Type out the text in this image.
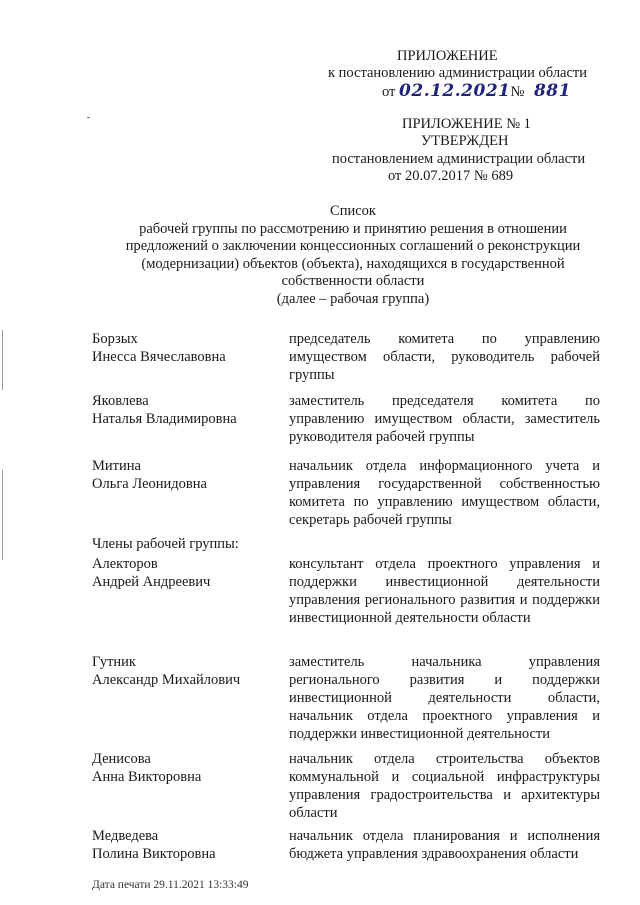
ПРИЛОЖЕНИЕ
к постановлению администрации области
от 02.12.2021№ 881
ПРИЛОЖЕНИЕ № 1
УТВЕРЖДЕН
постановлением администрации области
от 20.07.2017 № 689
Список
рабочей группы по рассмотрению и принятию решения в отношении
предложений о заключении концессионных соглашений о реконструкции
(модернизации) объектов (объекта), находящихся в государственной
собственности области
(далее – рабочая группа)
Борзых
Инесса Вячеславовна
председатель комитета по управлению имуществом области, руководитель рабочей группы
Яковлева
Наталья Владимировна
заместитель председателя комитета по управлению имуществом области, заместитель руководителя рабочей группы
Митина
Ольга Леонидовна
начальник отдела информационного учета и управления государственной собственностью комитета по управлению имуществом области, секретарь рабочей группы
Члены рабочей группы:
Алекторов
Андрей Андреевич
консультант отдела проектного управления и поддержки инвестиционной деятельности управления регионального развития и поддержки инвестиционной деятельности области
Гутник
Александр Михайлович
заместитель начальника управления регионального развития и поддержки инвестиционной деятельности области, начальник отдела проектного управления и поддержки инвестиционной деятельности
Денисова
Анна Викторовна
начальник отдела строительства объектов коммунальной и социальной инфраструктуры управления градостроительства и архитектуры области
Медведева
Полина Викторовна
начальник отдела планирования и исполнения бюджета управления здравоохранения области
Дата печати 29.11.2021 13:33:49
